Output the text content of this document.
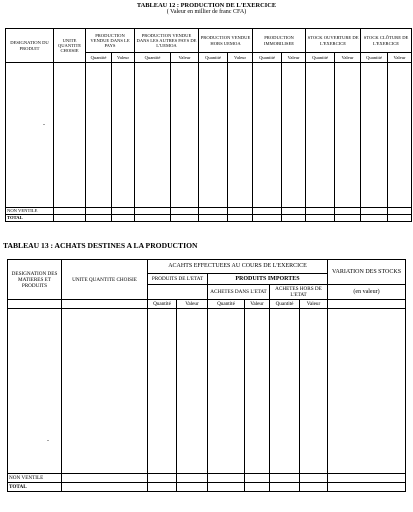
TABLEAU 12 : PRODUCTION DE L'EXERCICE
( Valeur en millier de franc CFA)
DESIGNATION DU PRODUIT	UNITE QUANTITE CHOISIE	PRODUCTION VENDUE DANS LE PAYS		PRODUCTION VENDUE DANS LES AUTRES PAYS DE L'UEMOA		PRODUCTION VENDUE HORS UEMOA		PRODUCTION IMMOBILISEE		STOCK OUVERTURE DE L'EXERCICE		STOCK CLÔTURE DE L'EXERCICE	
		Quantité	Valeur	Quantité	Valeur	Quantité	Valeur	Quantité	Valeur	Quantité	Valeur	Quantité	Valeur

NON VENTILE													
TOTAL													
-
TABLEAU 13 : ACHATS DESTINES A LA PRODUCTION
DESIGNATION DES MATIERES ET PRODUITS	UNITE QUANTITE CHOISIE	ACAHTS EFFECTUEES AU COURS DE L'EXERCICE						VARIATION DES STOCKS
		PRODUITS DE L'ETAT		PRODUITS IMPORTES				
				ACHETES DANS L'ETAT		ACHETES HORS DE L'ETAT		(en valeur)

		Quantité	Valeur	Quantité	Valeur	Quantité	Valeur	

NON VENTILE								
TOTAL								
-
